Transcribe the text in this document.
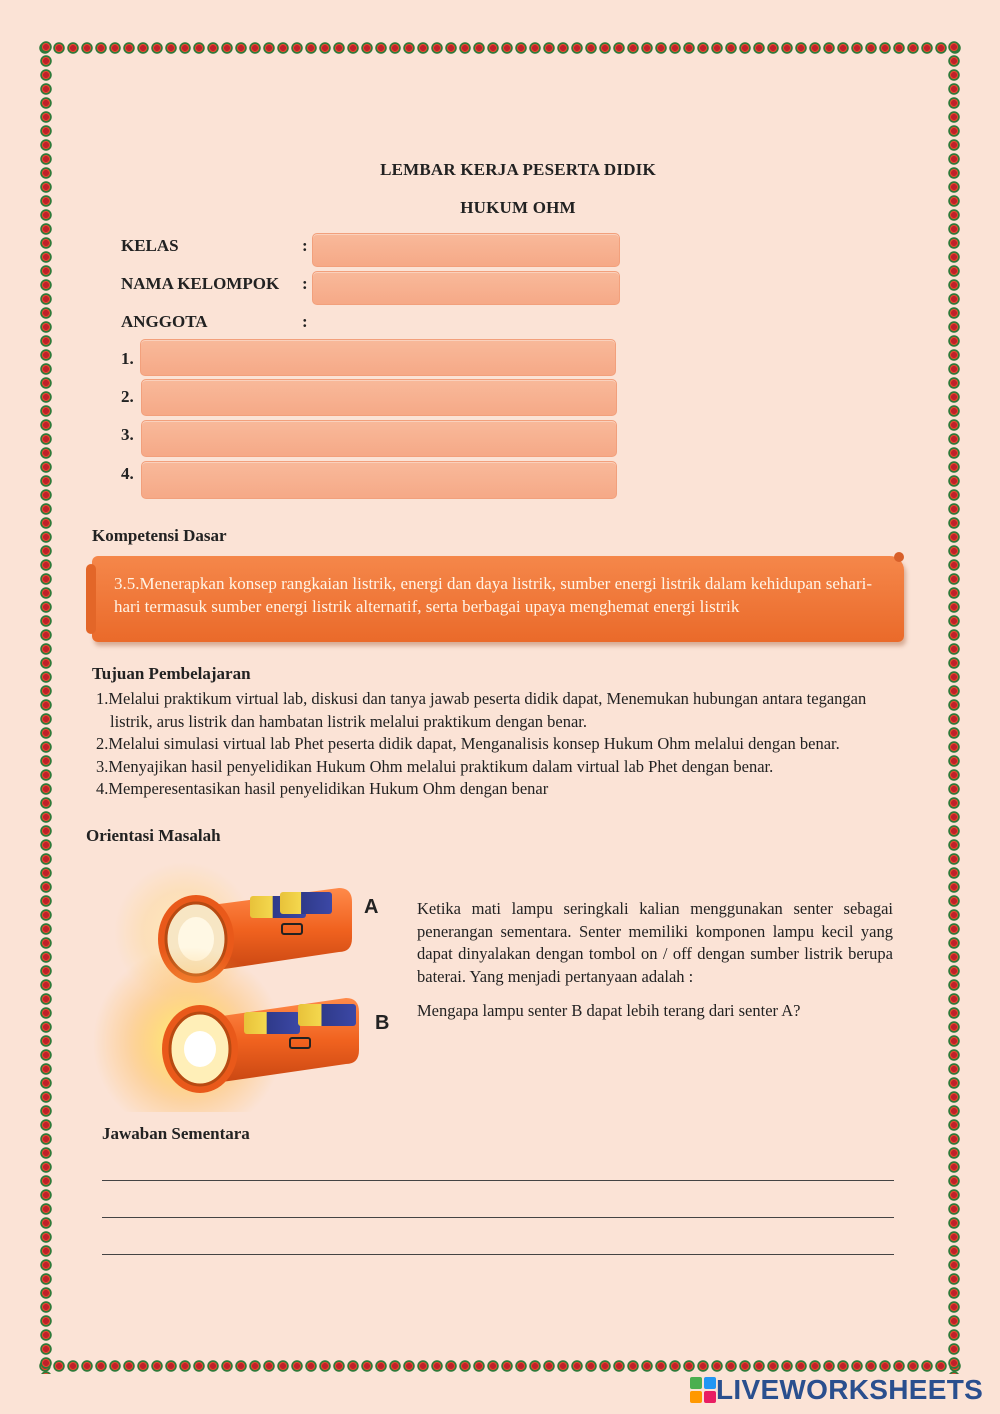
LEMBAR KERJA PESERTA DIDIK
HUKUM OHM
KELAS	:
NAMA KELOMPOK :
ANGGOTA	:
1.
2.
3.
4.
Kompetensi Dasar
3.5.Menerapkan konsep rangkaian listrik, energi dan daya listrik, sumber energi listrik dalam kehidupan sehari-hari termasuk sumber energi listrik alternatif, serta berbagai upaya menghemat energi listrik
Tujuan Pembelajaran
1.Melalui praktikum virtual lab, diskusi dan tanya jawab peserta didik dapat, Menemukan hubungan antara tegangan listrik, arus listrik dan hambatan listrik melalui praktikum dengan benar.
2.Melalui simulasi virtual lab Phet peserta didik dapat, Menganalisis konsep Hukum Ohm melalui dengan benar.
3.Menyajikan hasil penyelidikan Hukum Ohm melalui praktikum dalam virtual lab Phet dengan benar.
4.Memperesentasikan hasil penyelidikan Hukum Ohm dengan benar
Orientasi Masalah
A
B
Ketika mati lampu seringkali kalian menggunakan senter sebagai penerangan sementara. Senter memiliki komponen lampu kecil yang dapat dinyalakan dengan tombol on / off dengan sumber listrik berupa baterai. Yang menjadi pertanyaan adalah :
Mengapa lampu senter B dapat lebih terang dari senter A?
Jawaban Sementara
LIVEWORKSHEETS
